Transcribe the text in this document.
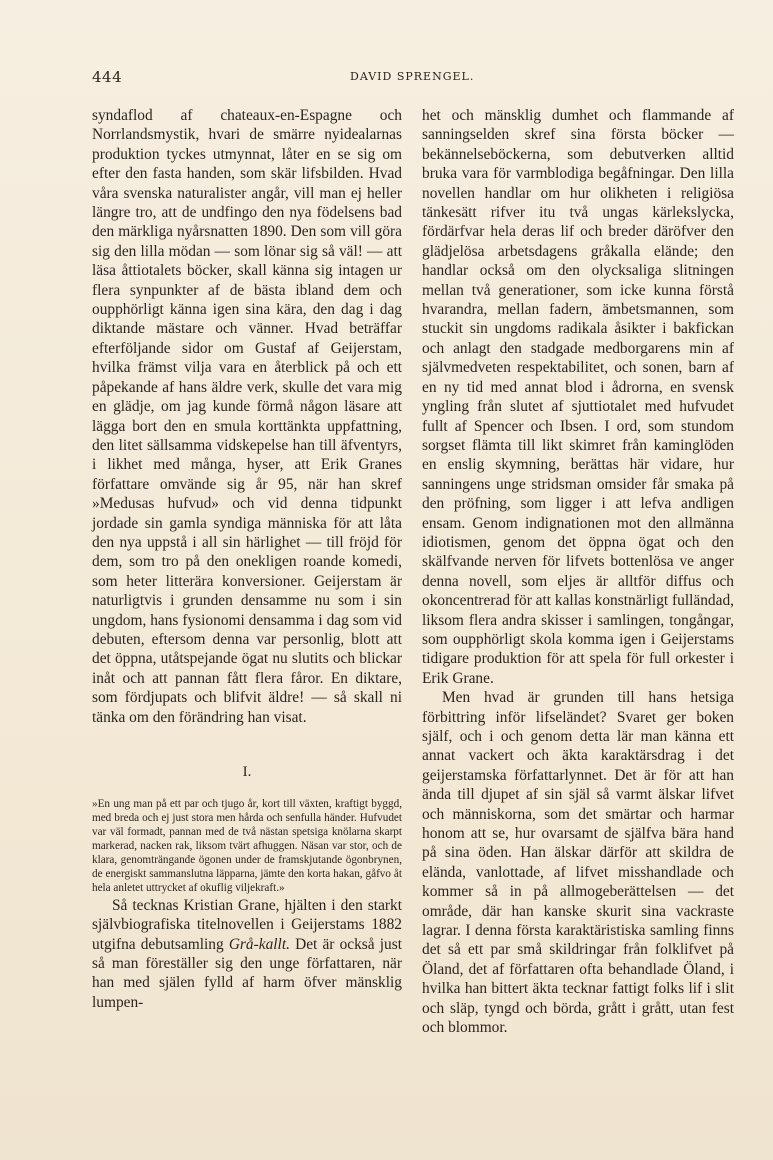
444	DAVID SPRENGEL.

syndaflod af chateaux-en-Espagne och Norrlandsmystik, hvari de smärre nyidealarnas produktion tyckes utmynnat, låter en se sig om efter den fasta handen, som skär lifsbilden. Hvad våra svenska naturalister angår, vill man ej heller längre tro, att de undfingo den nya födelsens bad den märkliga nyårsnatten 1890. Den som vill göra sig den lilla mödan — som lönar sig så väl! — att läsa åttiotalets böcker, skall känna sig intagen ur flera synpunkter af de bästa ibland dem och oupphörligt känna igen sina kära, den dag i dag diktande mästare och vänner. Hvad beträffar efterföljande sidor om Gustaf af Geijerstam, hvilka främst vilja vara en återblick på och ett påpekande af hans äldre verk, skulle det vara mig en glädje, om jag kunde förmå någon läsare att lägga bort den en smula korttänkta uppfattning, den litet sällsamma vidskepelse han till äfventyrs, i likhet med många, hyser, att Erik Granes författare omvände sig år 95, när han skref »Medusas hufvud» och vid denna tidpunkt jordade sin gamla syndiga människa för att låta den nya uppstå i all sin härlighet — till fröjd för dem, som tro på den onekligen roande komedi, som heter litterära konversioner. Geijerstam är naturligtvis i grunden densamme nu som i sin ungdom, hans fysionomi densamma i dag som vid debuten, eftersom denna var personlig, blott att det öppna, utåtspejande ögat nu slutits och blickar inåt och att pannan fått flera fåror. En diktare, som fördjupats och blifvit äldre! — så skall ni tänka om den förändring han visat.

I.

»En ung man på ett par och tjugo år, kort till växten, kraftigt byggd, med breda och ej just stora men hårda och senfulla händer. Hufvudet var väl formadt, pannan med de två nästan spetsiga knölarna skarpt markerad, nacken rak, liksom tvärt afhuggen. Näsan var stor, och de klara, genomträngande ögonen under de framskjutande ögonbrynen, de energiskt sammanslutna läpparna, jämte den korta hakan, gåfvo åt hela anletet uttrycket af okuflig viljekraft.»

Så tecknas Kristian Grane, hjälten i den starkt självbiografiska titelnovellen i Geijerstams 1882 utgifna debutsamling Grå-kallt. Det är också just så man föreställer sig den unge författaren, när han med själen fylld af harm öfver mänsklig lumpen-

het och mänsklig dumhet och flammande af sanningselden skref sina första böcker — bekännelseböckerna, som debutverken alltid bruka vara för varmblodiga begåfningar. Den lilla novellen handlar om hur olikheten i religiösa tänkesätt rifver itu två ungas kärlekslycka, fördärfvar hela deras lif och breder däröfver den glädjelösa arbetsdagens gråkalla elände; den handlar också om den olycksaliga slitningen mellan två generationer, som icke kunna förstå hvarandra, mellan fadern, ämbetsmannen, som stuckit sin ungdoms radikala åsikter i bakfickan och anlagt den stadgade medborgarens min af självmedveten respektabilitet, och sonen, barn af en ny tid med annat blod i ådrorna, en svensk yngling från slutet af sjuttiotalet med hufvudet fullt af Spencer och Ibsen. I ord, som stundom sorgset flämta till likt skimret från kaminglöden en enslig skymning, berättas här vidare, hur sanningens unge stridsman omsider får smaka på den pröfning, som ligger i att lefva andligen ensam. Genom indignationen mot den allmänna idiotismen, genom det öppna ögat och den skälfvande nerven för lifvets bottenlösa ve anger denna novell, som eljes är alltför diffus och okoncentrerad för att kallas konstnärligt fulländad, liksom flera andra skisser i samlingen, tongångar, som oupphörligt skola komma igen i Geijerstams tidigare produktion för att spela för full orkester i Erik Grane.

Men hvad är grunden till hans hetsiga förbittring inför lifseländet? Svaret ger boken själf, och i och genom detta lär man känna ett annat vackert och äkta karaktärsdrag i det geijerstamska författarlynnet. Det är för att han ända till djupet af sin själ så varmt älskar lifvet och människorna, som det smärtar och harmar honom att se, hur ovarsamt de själfva bära hand på sina öden. Han älskar därför att skildra de elända, vanlottade, af lifvet misshandlade och kommer så in på allmogeberättelsen — det område, där han kanske skurit sina vackraste lagrar. I denna första karaktäristiska samling finns det så ett par små skildringar från folklifvet på Öland, det af författaren ofta behandlade Öland, i hvilka han bittert äkta tecknar fattigt folks lif i slit och släp, tyngd och börda, grått i grått, utan fest och blommor.
